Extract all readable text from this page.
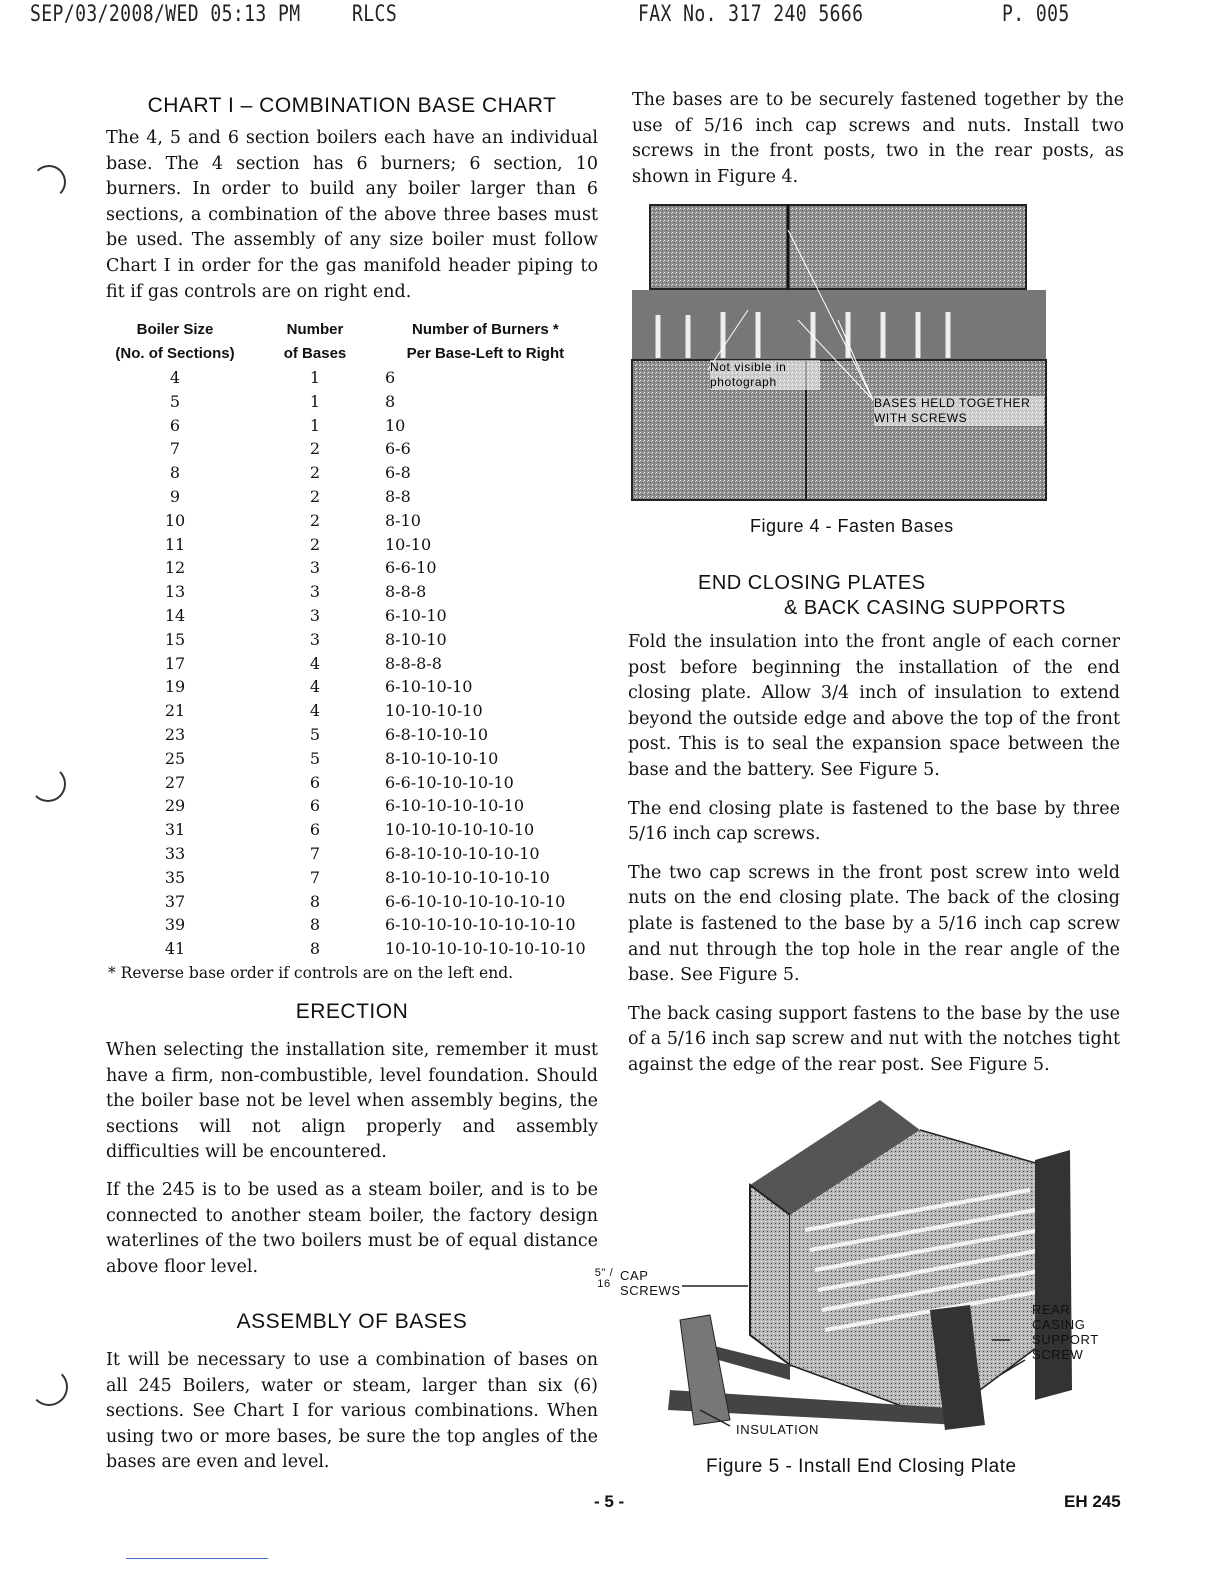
SEP/03/2008/WED 05:13 PM RLCS	FAX No. 317 240 5666	P. 005
CHART I – COMBINATION BASE CHART

The 4, 5 and 6 section boilers each have an individual base. The 4 section has 6 burners; 6 section, 10 burners. In order to build any boiler larger than 6 sections, a combination of the above three bases must be used. The assembly of any size boiler must follow Chart I in order for the gas manifold header piping to fit if gas controls are on right end.

Boiler Size	Number	Number of Burners *
(No. of Sections)	of Bases	Per Base-Left to Right
4	1	6
5	1	8
6	1	10
7	2	6-6
8	2	6-8
9	2	8-8
10	2	8-10
11	2	10-10
12	3	6-6-10
13	3	8-8-8
14	3	6-10-10
15	3	8-10-10
17	4	8-8-8-8
19	4	6-10-10-10
21	4	10-10-10-10
23	5	6-8-10-10-10
25	5	8-10-10-10-10
27	6	6-6-10-10-10-10
29	6	6-10-10-10-10-10
31	6	10-10-10-10-10-10
33	7	6-8-10-10-10-10-10
35	7	8-10-10-10-10-10-10
37	8	6-6-10-10-10-10-10-10
39	8	6-10-10-10-10-10-10-10
41	8	10-10-10-10-10-10-10-10
* Reverse base order if controls are on the left end.
ERECTION

When selecting the installation site, remember it must have a firm, non-combustible, level foundation. Should the boiler base not be level when assembly begins, the sections will not align properly and assembly difficulties will be encountered.

If the 245 is to be used as a steam boiler, and is to be connected to another steam boiler, the factory design waterlines of the two boilers must be of equal distance above floor level.

ASSEMBLY OF BASES

It will be necessary to use a combination of bases on all 245 Boilers, water or steam, larger than six (6) sections. See Chart I for various combinations. When using two or more bases, be sure the top angles of the bases are even and level.

The bases are to be securely fastened together by the use of 5/16 inch cap screws and nuts. Install two screws in the front posts, two in the rear posts, as shown in Figure 4.

Not visible in photograph
BASES HELD TOGETHER WITH SCREWS
Figure 4 - Fasten Bases
END CLOSING PLATES
& BACK CASING SUPPORTS

Fold the insulation into the front angle of each corner post before beginning the installation of the end closing plate. Allow 3/4 inch of insulation to extend beyond the outside edge and above the top of the front post. This is to seal the expansion space between the base and the battery. See Figure 5.

The end closing plate is fastened to the base by three 5/16 inch cap screws.

The two cap screws in the front post screw into weld nuts on the end closing plate. The back of the closing plate is fastened to the base by a 5/16 inch cap screw and nut through the top hole in the rear angle of the base. See Figure 5.

The back casing support fastens to the base by the use of a 5/16 inch sap screw and nut with the notches tight against the edge of the rear post. See Figure 5.

5" / 16
CAP
SCREWS
REAR
CASING
SUPPORT
SCREW
INSULATION
Figure 5 - Install End Closing Plate
- 5 -	EH 245
